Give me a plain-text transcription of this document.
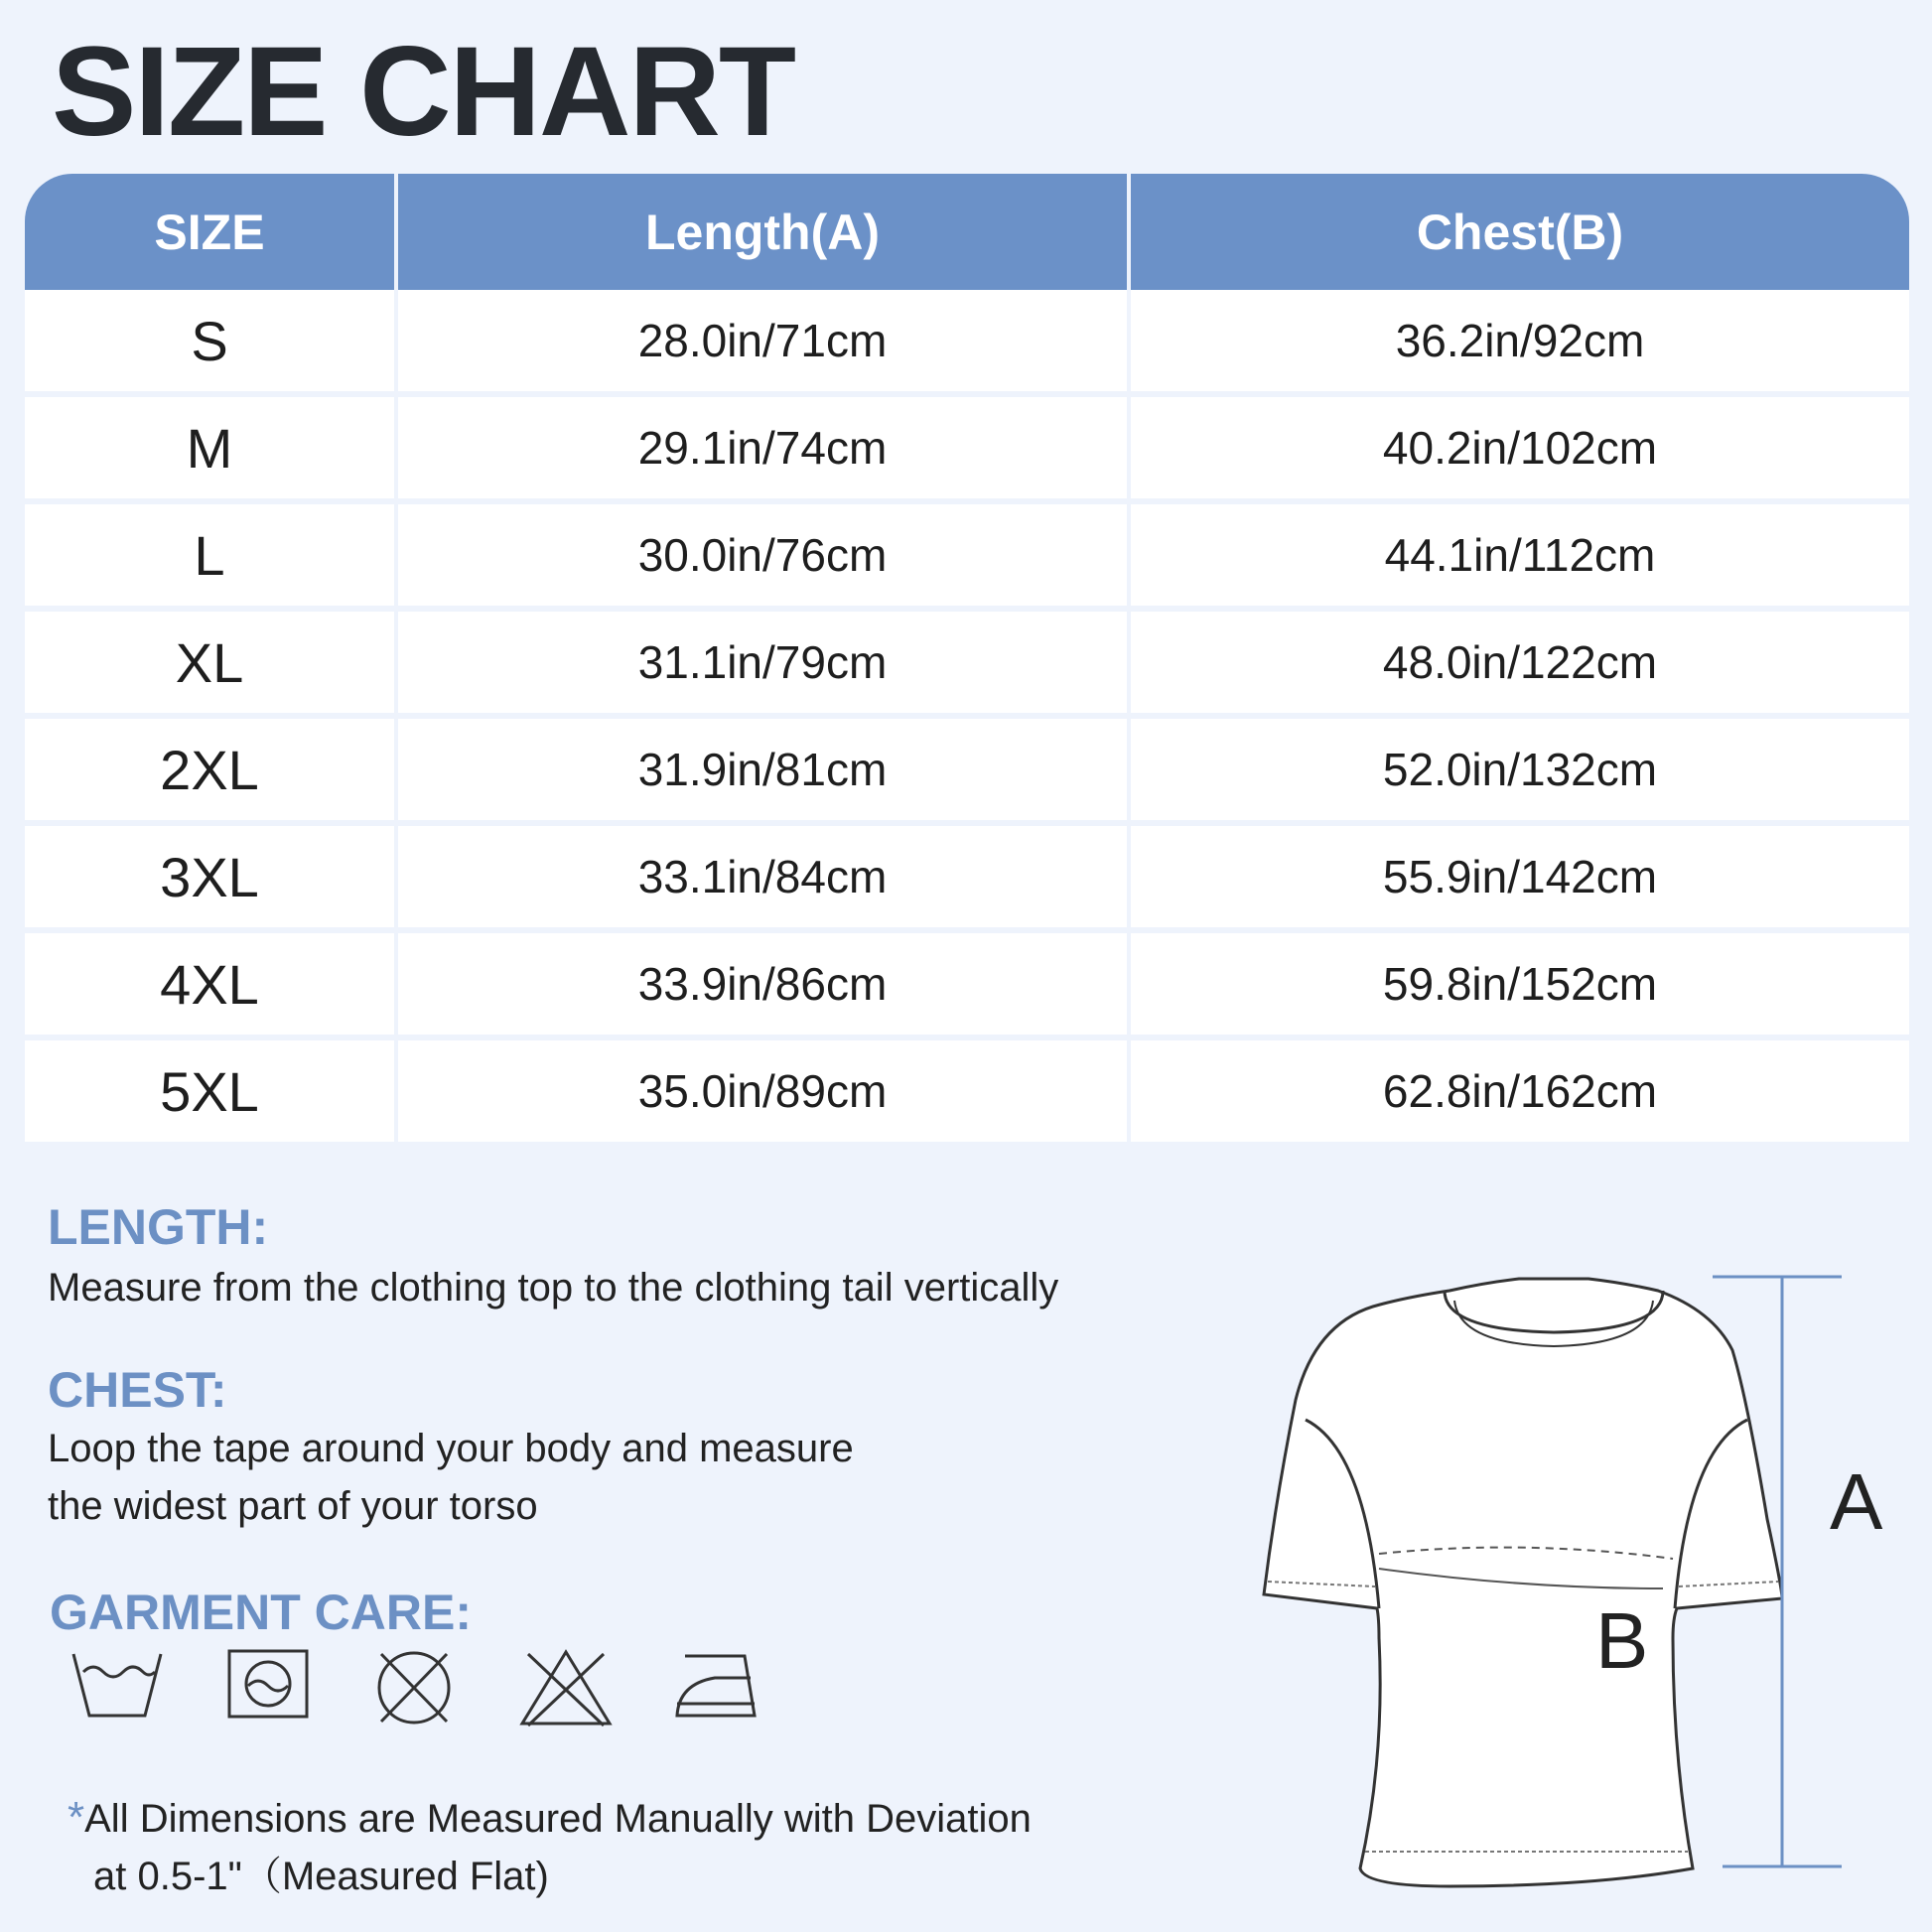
SIZE CHART
SIZE	Length(A)	Chest(B)
S	28.0in/71cm	36.2in/92cm
M	29.1in/74cm	40.2in/102cm
L	30.0in/76cm	44.1in/112cm
XL	31.1in/79cm	48.0in/122cm
2XL	31.9in/81cm	52.0in/132cm
3XL	33.1in/84cm	55.9in/142cm
4XL	33.9in/86cm	59.8in/152cm
5XL	35.0in/89cm	62.8in/162cm
LENGTH:

Measure from the clothing top to the clothing tail vertically

CHEST:

Loop the tape around your body and measure

the widest part of your torso

GARMENT CARE:
*All Dimensions are Measured Manually with Deviation
at 0.5-1"（Measured Flat)
A
B
